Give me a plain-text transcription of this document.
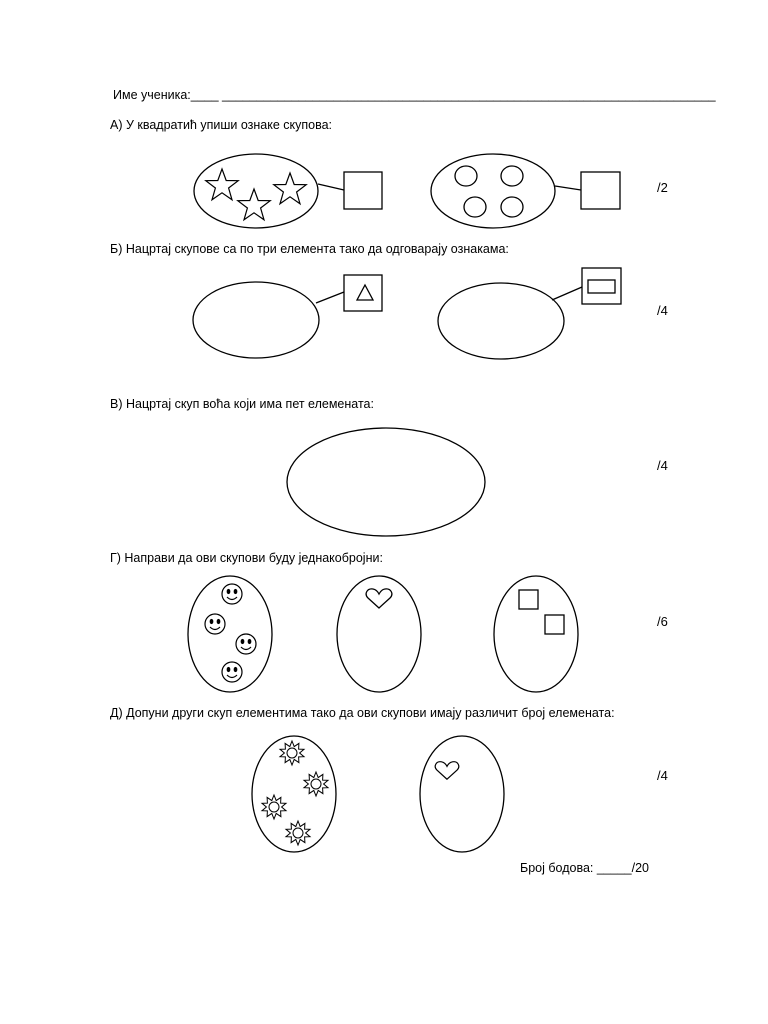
Име ученика:____ _______________________________________________________________________
А) У квадратић упиши ознаке скупова:
/2
Б) Нацртај скупове са по три елемента тако да одговарају ознакама:
/4
В) Нацртај скуп воћа који има пет елемената:
/4
Г) Направи да ови скупови буду једнакобројни:
/6
Д) Допуни други скуп елементима тако да ови скупови имају различит број елемената:
/4
Број бодова: _____/20
